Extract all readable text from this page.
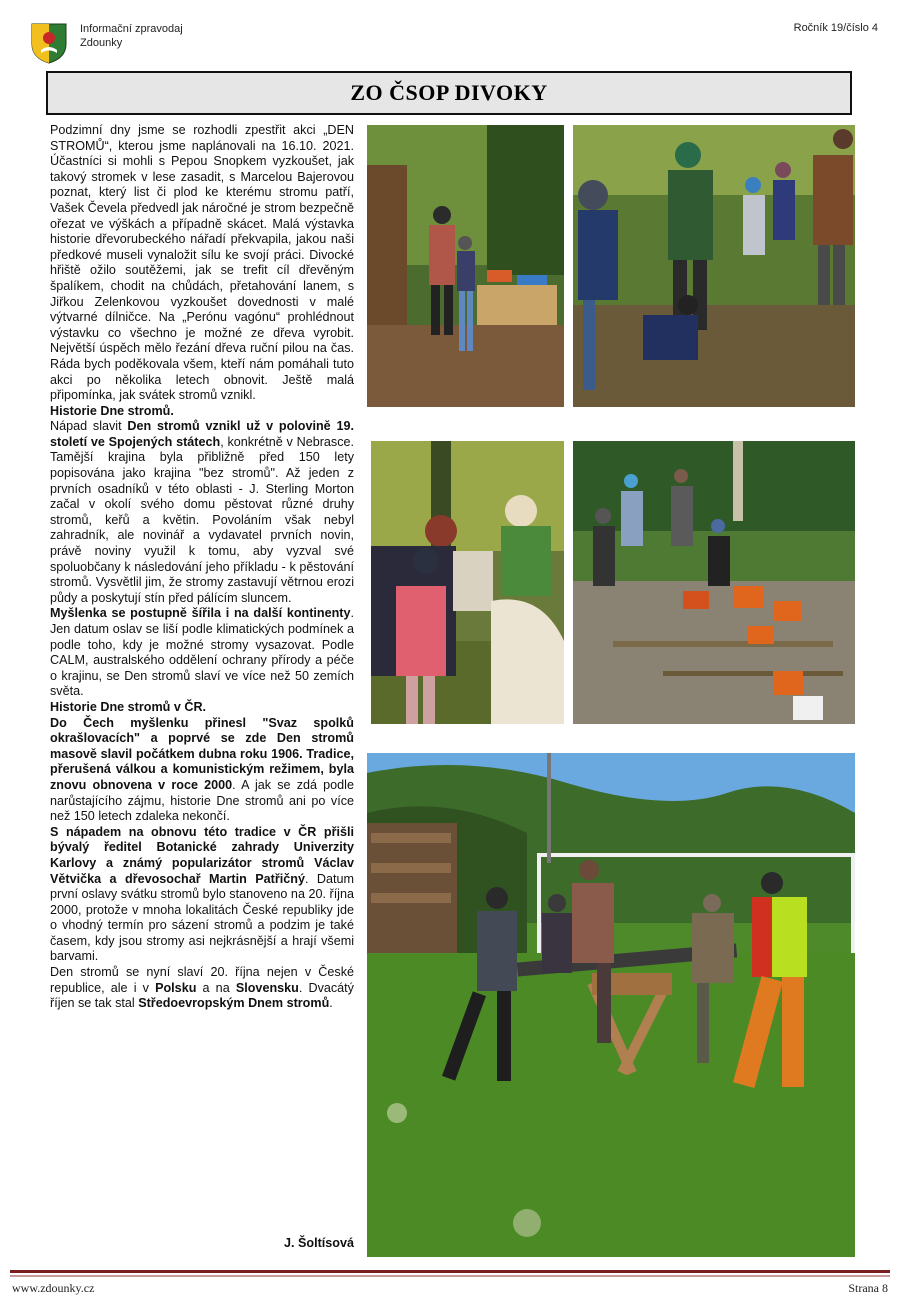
Informační zpravodaj
Zdounky
Ročník 19/číslo 4
ZO ČSOP DIVOKY

Podzimní dny jsme se rozhodli zpestřit akci „DEN STROMŮ“, kterou jsme naplánovali na 16.10. 2021. Účastníci si mohli s Pepou Snopkem vyzkoušet, jak takový stromek v lese zasadit, s Marcelou Bajerovou poznat, který list či plod ke kterému stromu patří, Vašek Čevela předvedl jak náročné je strom bezpečně ořezat ve výškách a případně skácet. Malá výstavka historie dřevorubeckého nářadí překvapila, jakou naši předkové museli vynaložit sílu ke svojí práci. Divocké hřiště ožilo soutěžemi, jak se trefit cíl dřevěným špalíkem, chodit na chůdách, přetahování lanem, s Jiřkou Zelenkovou vyzkoušet dovednosti v malé výtvarné dílničce. Na „Perónu vagónu“ prohlédnout výstavku co všechno je možné ze dřeva vyrobit. Největší úspěch mělo řezání dřeva ruční pilou na čas. Ráda bych poděkovala všem, kteří nám pomáhali tuto akci po několika letech obnovit. Ještě malá připomínka, jak svátek stromů vznikl.

Historie Dne stromů.

Nápad slavit Den stromů vznikl už v polovině 19. století ve Spojených státech, konkrétně v Nebrasce. Tamější krajina byla přibližně před 150 lety popisována jako krajina "bez stromů". Až jeden z prvních osadníků v této oblasti - J. Sterling Morton začal v okolí svého domu pěstovat různé druhy stromů, keřů a květin. Povoláním však nebyl zahradník, ale novinář a vydavatel prvních novin, právě noviny využil k tomu, aby vyzval své spoluobčany k následování jeho příkladu - k pěstování stromů. Vysvětlil jim, že stromy zastavují větrnou erozi půdy a poskytují stín před pálícím sluncem.

Myšlenka se postupně šířila i na další kontinenty. Jen datum oslav se liší podle klimatických podmínek a podle toho, kdy je možné stromy vysazovat. Podle CALM, australského oddělení ochrany přírody a péče o krajinu, se Den stromů slaví ve více než 50 zemích světa.

Historie Dne stromů v ČR.

Do Čech myšlenku přinesl "Svaz spolků okrašlovacích" a poprvé se zde Den stromů masově slavil počátkem dubna roku 1906. Tradice, přerušená válkou a komunistickým režimem, byla znovu obnovena v roce 2000. A jak se zdá podle narůstajícího zájmu, historie Dne stromů ani po více než 150 letech zdaleka nekončí.

S nápadem na obnovu této tradice v ČR přišli bývalý ředitel Botanické zahrady Univerzity Karlovy a známý popularizátor stromů Václav Větvička a dřevosochař Martin Patřičný. Datum první oslavy svátku stromů bylo stanoveno na 20. října 2000, protože v mnoha lokalitách České republiky jde o vhodný termín pro sázení stromů a podzim je také časem, kdy jsou stromy asi nejkrásnější a hrají všemi barvami.

Den stromů se nyní slaví 20. října nejen v České republice, ale i v Polsku a na Slovensku. Dvacátý říjen se tak stal Středoevropským Dnem stromů.

J. Šoltísová
www.zdounky.cz	Strana 8
